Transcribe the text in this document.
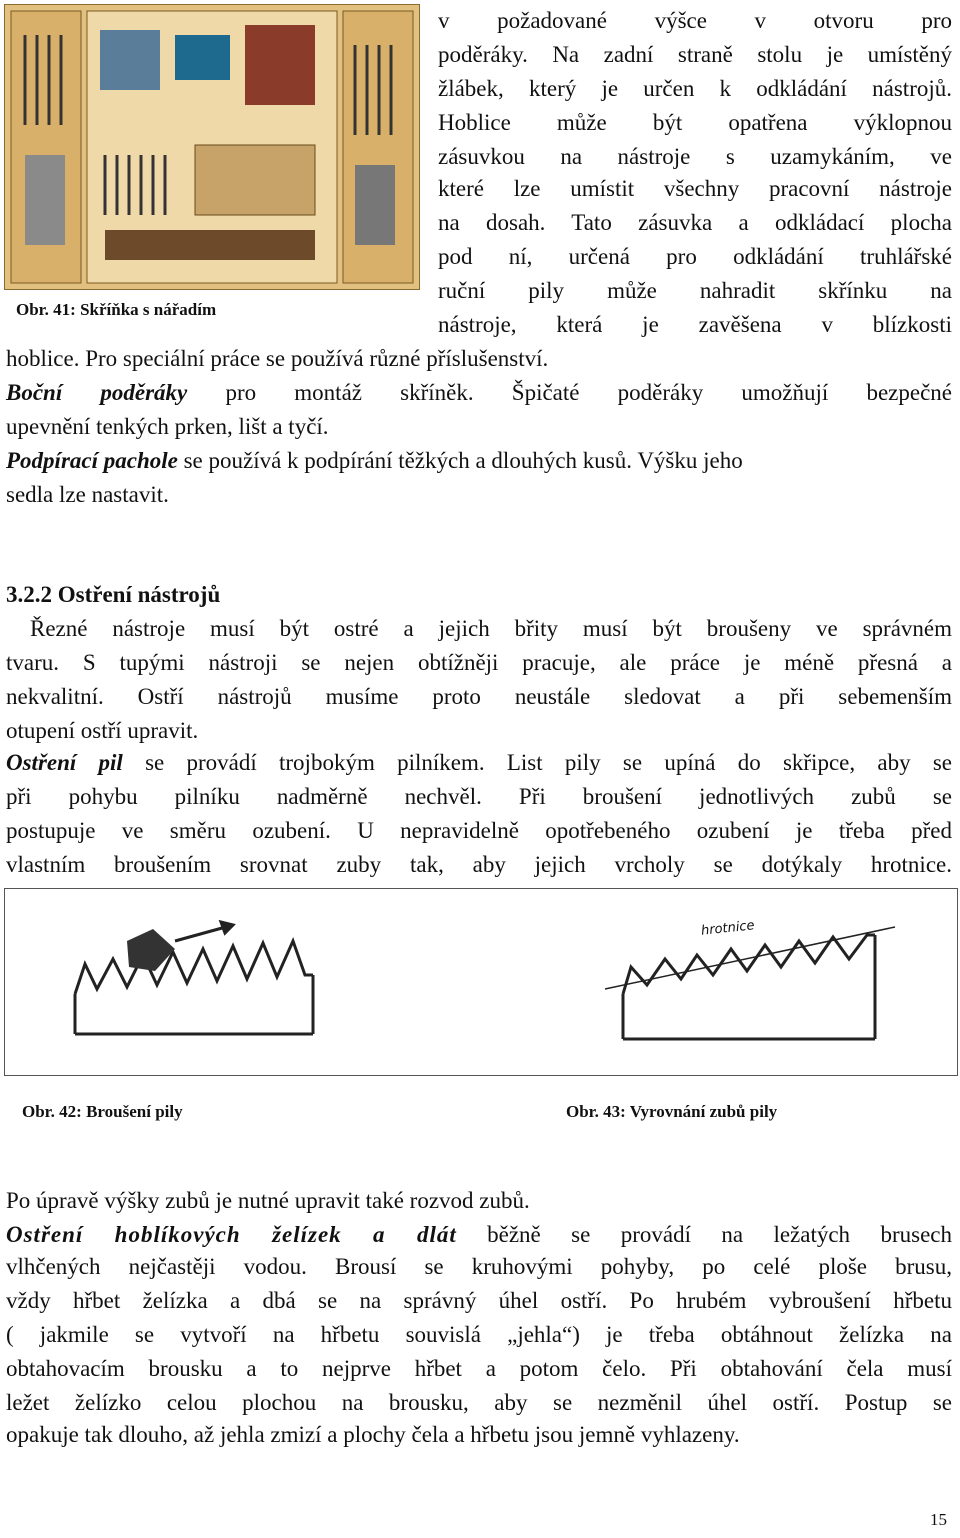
Obr. 41: Skříňka s nářadím
v požadované výšce v otvoru pro
poděráky. Na zadní straně stolu je umístěný
žlábek, který je určen k odkládání nástrojů.
Hoblice může být opatřena výklopnou
zásuvkou na nástroje s uzamykáním, ve
které lze umístit všechny pracovní nástroje
na dosah. Tato zásuvka a odkládací plocha
pod ní, určená pro odkládání truhlářské
ruční pily může nahradit skřínku na
nástroje, která je zavěšena v blízkosti
hoblice. Pro speciální práce se používá různé příslušenství.
Boční poděráky pro montáž skříněk. Špičaté poděráky umožňují bezpečné
upevnění tenkých prken, lišt a tyčí.
Podpírací pachole se používá k podpírání těžkých a dlouhých kusů. Výšku jeho
sedla lze nastavit.
3.2.2 Ostření nástrojů
Řezné nástroje musí být ostré a jejich břity musí být broušeny ve správném
tvaru. S tupými nástroji se nejen obtížněji pracuje, ale práce je méně přesná a
nekvalitní. Ostří nástrojů musíme proto neustále sledovat a při sebemenším
otupení ostří upravit.
Ostření pil se provádí trojbokým pilníkem. List pily se upíná do skřipce, aby se
při pohybu pilníku nadměrně nechvěl. Při broušení jednotlivých zubů se
postupuje ve směru ozubení. U nepravidelně opotřebeného ozubení je třeba před
vlastním broušením srovnat zuby tak, aby jejich vrcholy se dotýkaly hrotnice.
hrotnice
Obr. 42: Broušení pily	Obr. 43: Vyrovnání zubů pily
Po úpravě výšky zubů je nutné upravit také rozvod zubů.
Ostření hoblíkových želízek a dlát běžně se provádí na ležatých brusech
vlhčených nejčastěji vodou. Brousí se kruhovými pohyby, po celé ploše brusu,
vždy hřbet želízka a dbá se na správný úhel ostří. Po hrubém vybroušení hřbetu
( jakmile se vytvoří na hřbetu souvislá „jehla“) je třeba obtáhnout želízka na
obtahovacím brousku a to nejprve hřbet a potom čelo. Při obtahování čela musí
ležet želízko celou plochou na brousku, aby se nezměnil úhel ostří. Postup se
opakuje tak dlouho, až jehla zmizí a plochy čela a hřbetu jsou jemně vyhlazeny.
15
